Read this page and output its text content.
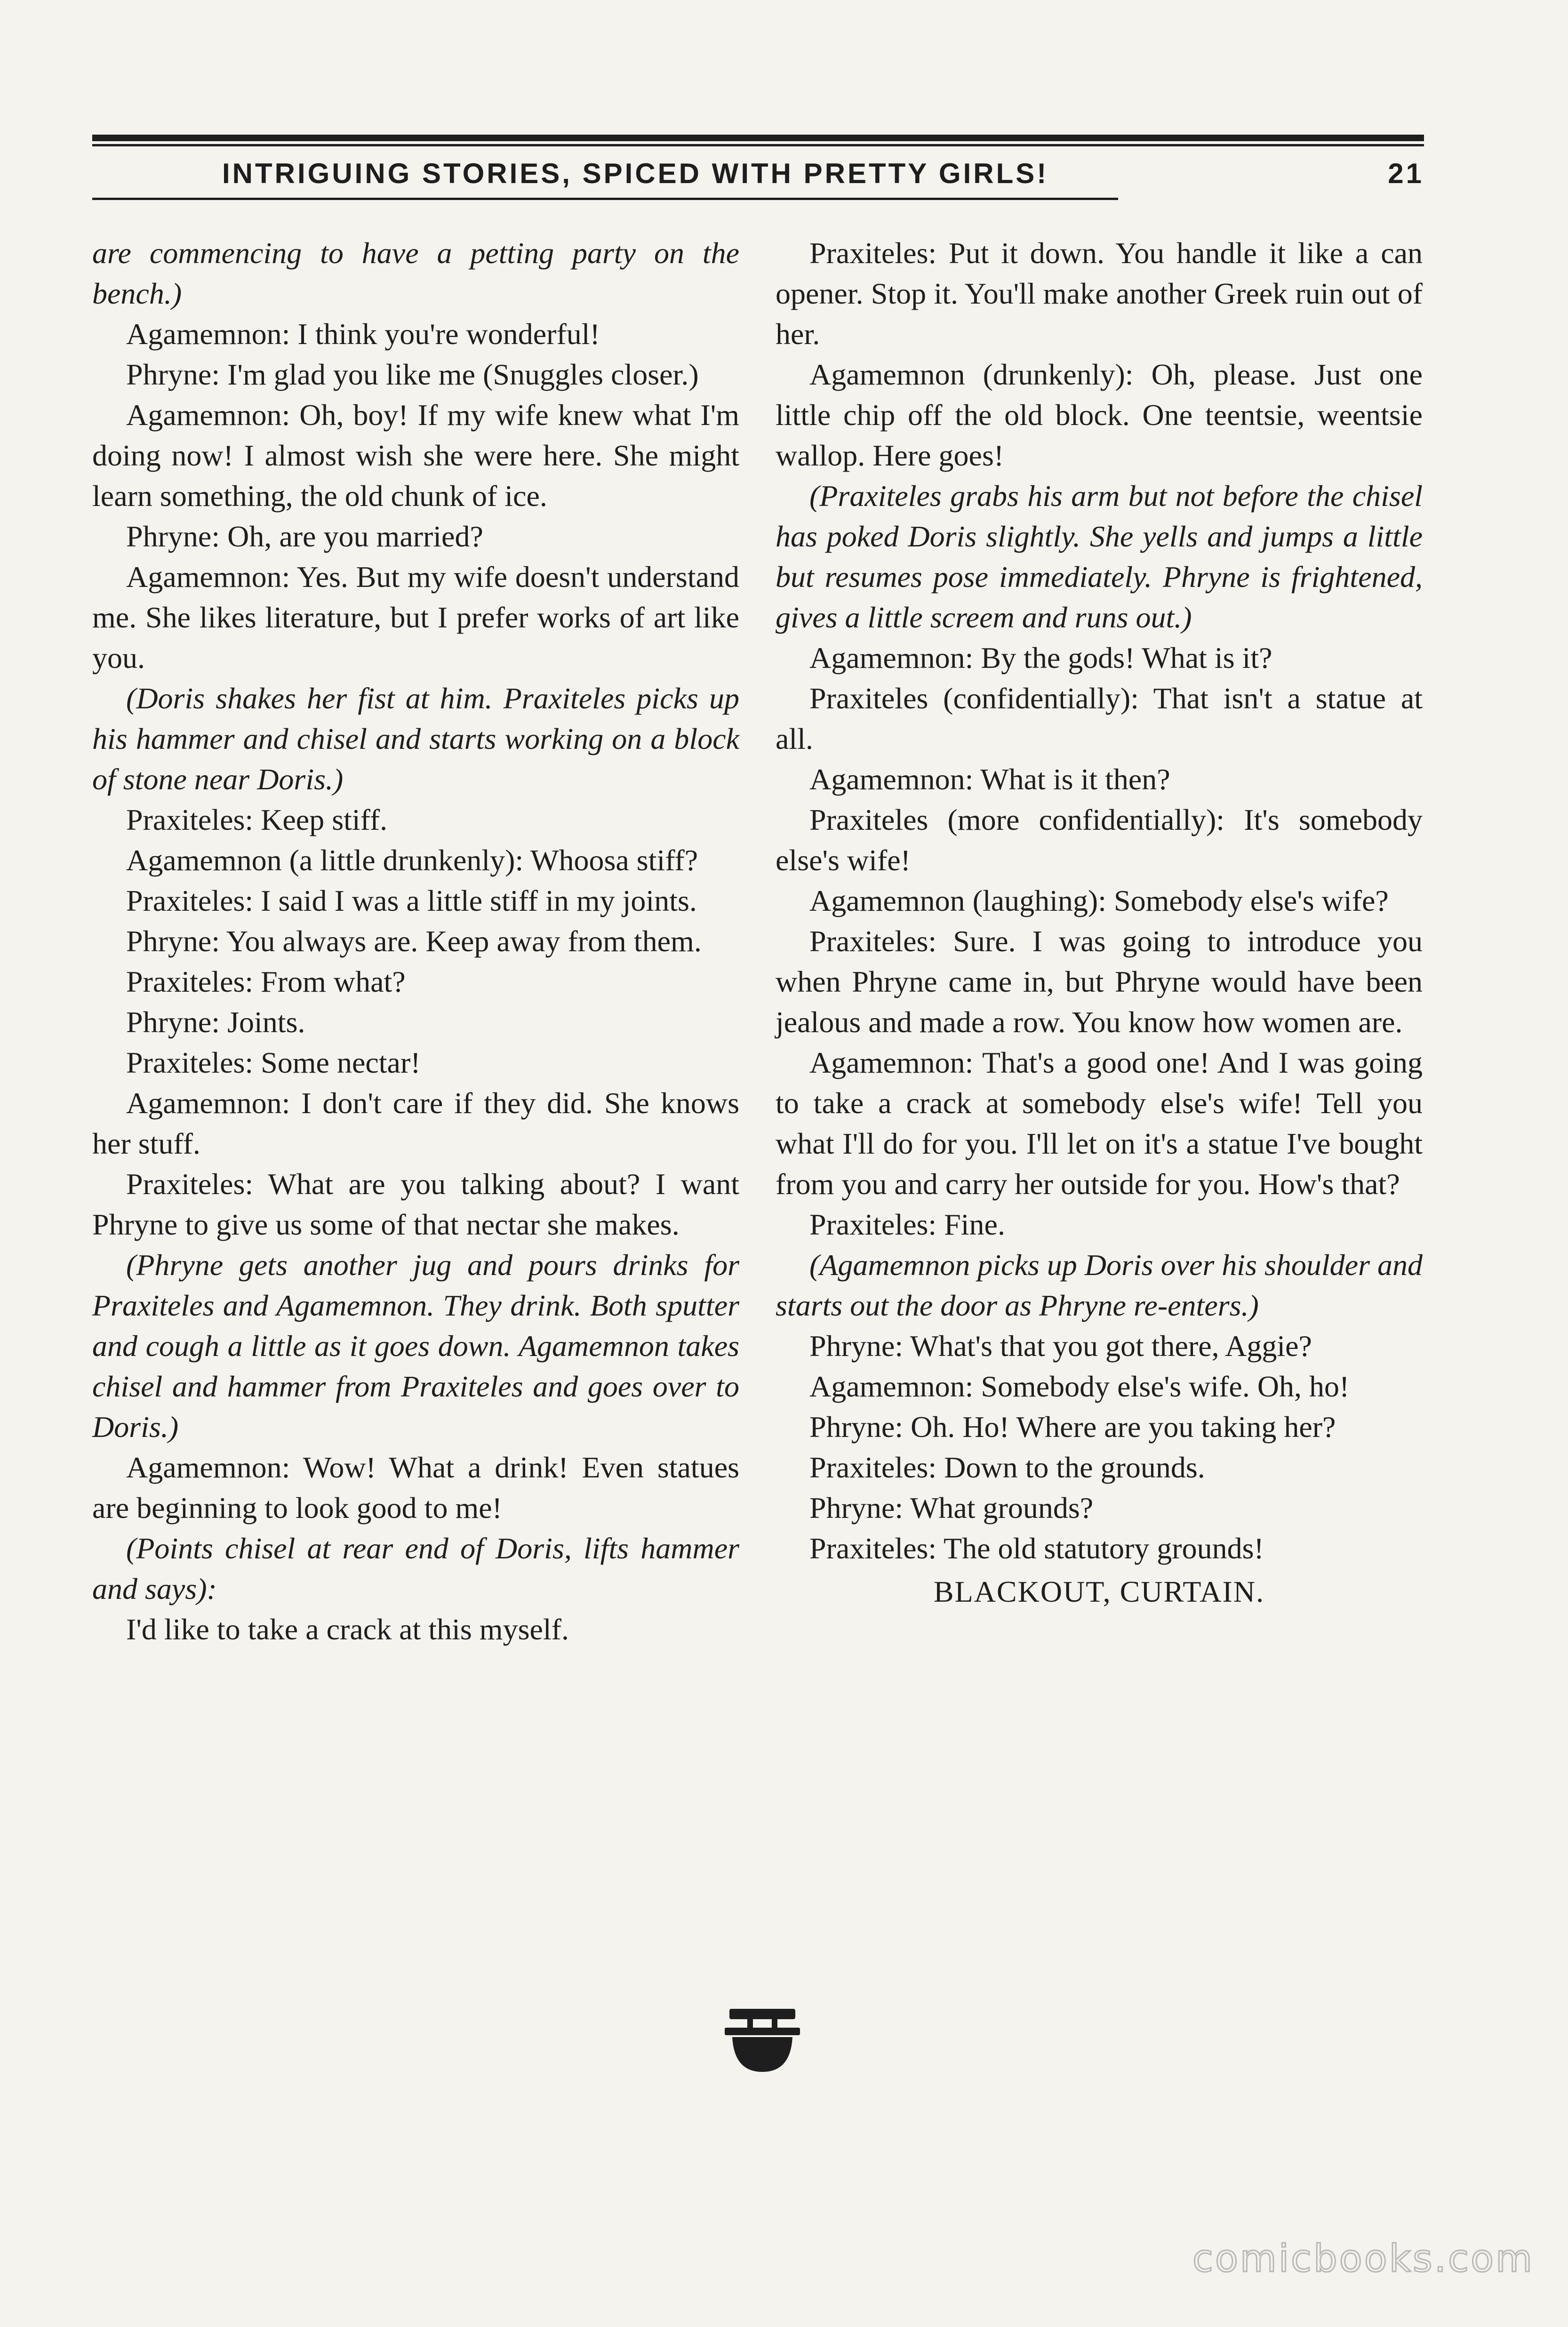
INTRIGUING STORIES, SPICED WITH PRETTY GIRLS!	21

are commencing to have a petting party on the bench.)

Agamemnon: I think you're wonderful!

Phryne: I'm glad you like me (Snuggles closer.)

Agamemnon: Oh, boy! If my wife knew what I'm doing now! I almost wish she were here. She might learn something, the old chunk of ice.

Phryne: Oh, are you married?

Agamemnon: Yes. But my wife doesn't understand me. She likes literature, but I prefer works of art like you.

(Doris shakes her fist at him. Praxiteles picks up his hammer and chisel and starts working on a block of stone near Doris.)

Praxiteles: Keep stiff.

Agamemnon (a little drunkenly): Whoosa stiff?

Praxiteles: I said I was a little stiff in my joints.

Phryne: You always are. Keep away from them.

Praxiteles: From what?

Phryne: Joints.

Praxiteles: Some nectar!

Agamemnon: I don't care if they did. She knows her stuff.

Praxiteles: What are you talking about? I want Phryne to give us some of that nectar she makes.

(Phryne gets another jug and pours drinks for Praxiteles and Agamemnon. They drink. Both sputter and cough a little as it goes down. Agamemnon takes chisel and hammer from Praxiteles and goes over to Doris.)

Agamemnon: Wow! What a drink! Even statues are beginning to look good to me!

(Points chisel at rear end of Doris, lifts hammer and says):

I'd like to take a crack at this myself.

Praxiteles: Put it down. You handle it like a can opener. Stop it. You'll make another Greek ruin out of her.

Agamemnon (drunkenly): Oh, please. Just one little chip off the old block. One teentsie, weentsie wallop. Here goes!

(Praxiteles grabs his arm but not before the chisel has poked Doris slightly. She yells and jumps a little but resumes pose immediately. Phryne is frightened, gives a little screem and runs out.)

Agamemnon: By the gods! What is it?

Praxiteles (confidentially): That isn't a statue at all.

Agamemnon: What is it then?

Praxiteles (more confidentially): It's somebody else's wife!

Agamemnon (laughing): Somebody else's wife?

Praxiteles: Sure. I was going to introduce you when Phryne came in, but Phryne would have been jealous and made a row. You know how women are.

Agamemnon: That's a good one! And I was going to take a crack at somebody else's wife! Tell you what I'll do for you. I'll let on it's a statue I've bought from you and carry her outside for you. How's that?

Praxiteles: Fine.

(Agamemnon picks up Doris over his shoulder and starts out the door as Phryne re-enters.)

Phryne: What's that you got there, Aggie?

Agamemnon: Somebody else's wife. Oh, ho!

Phryne: Oh. Ho! Where are you taking her?

Praxiteles: Down to the grounds.

Phryne: What grounds?

Praxiteles: The old statutory grounds!

BLACKOUT, CURTAIN.

comicbooks.com
